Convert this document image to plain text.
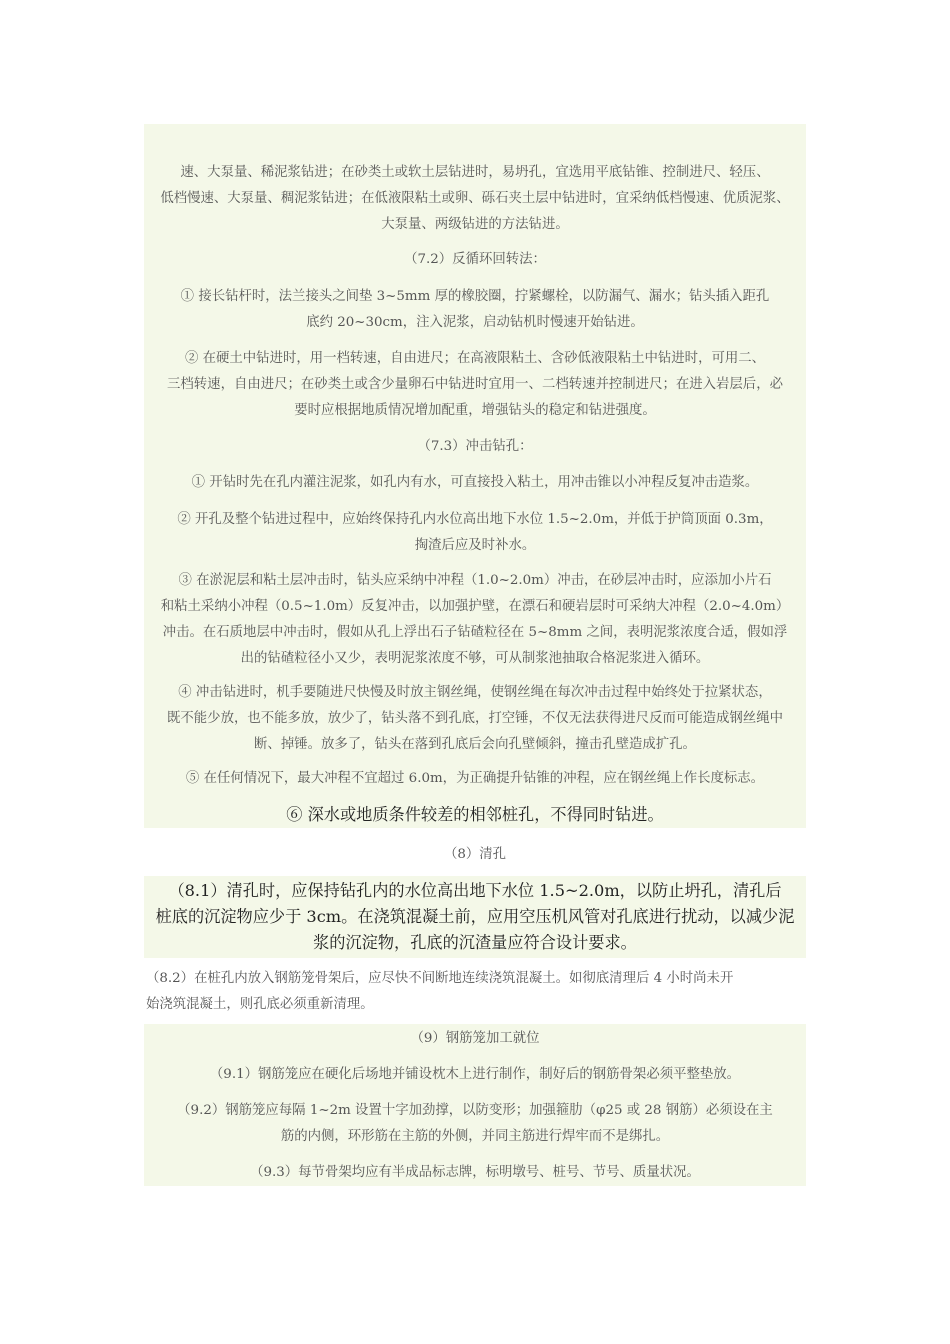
速、大泵量、稀泥浆钻进；在砂类土或软土层钻进时，易坍孔，宜选用平底钻锥、控制进尺、轻压、
低档慢速、大泵量、稠泥浆钻进；在低液限粘土或卵、砾石夹土层中钻进时，宜采纳低档慢速、优质泥浆、
大泵量、两级钻进的方法钻进。

（7.2）反循环回转法：

① 接长钻杆时，法兰接头之间垫 3~5mm 厚的橡胶圈，拧紧螺栓，以防漏气、漏水；钻头插入距孔
底约 20~30cm，注入泥浆，启动钻机时慢速开始钻进。

② 在硬土中钻进时，用一档转速，自由进尺；在高液限粘土、含砂低液限粘土中钻进时，可用二、
三档转速，自由进尺；在砂类土或含少量卵石中钻进时宜用一、二档转速并控制进尺；在进入岩层后，必
要时应根据地质情况增加配重，增强钻头的稳定和钻进强度。

（7.3）冲击钻孔：

① 开钻时先在孔内灌注泥浆，如孔内有水，可直接投入粘土，用冲击锥以小冲程反复冲击造浆。

② 开孔及整个钻进过程中，应始终保持孔内水位高出地下水位 1.5~2.0m，并低于护筒顶面 0.3m，
掏渣后应及时补水。

③ 在淤泥层和粘土层冲击时，钻头应采纳中冲程（1.0~2.0m）冲击，在砂层冲击时，应添加小片石
和粘土采纳小冲程（0.5~1.0m）反复冲击，以加强护壁，在漂石和硬岩层时可采纳大冲程（2.0~4.0m）
冲击。在石质地层中冲击时，假如从孔上浮出石子钻碴粒径在 5~8mm 之间，表明泥浆浓度合适，假如浮
出的钻碴粒径小又少，表明泥浆浓度不够，可从制浆池抽取合格泥浆进入循环。

④ 冲击钻进时，机手要随进尺快慢及时放主钢丝绳，使钢丝绳在每次冲击过程中始终处于拉紧状态，
既不能少放，也不能多放，放少了，钻头落不到孔底，打空锤，不仅无法获得进尺反而可能造成钢丝绳中
断、掉锤。放多了，钻头在落到孔底后会向孔壁倾斜，撞击孔壁造成扩孔。

⑤ 在任何情况下，最大冲程不宜超过 6.0m，为正确提升钻锥的冲程，应在钢丝绳上作长度标志。

⑥ 深水或地质条件较差的相邻桩孔，不得同时钻进。

（8）清孔

（8.1）清孔时，应保持钻孔内的水位高出地下水位 1.5~2.0m，以防止坍孔，清孔后
桩底的沉淀物应少于 3cm。在浇筑混凝土前，应用空压机风管对孔底进行扰动，以减少泥
浆的沉淀物，孔底的沉渣量应符合设计要求。

（8.2）在桩孔内放入钢筋笼骨架后，应尽快不间断地连续浇筑混凝土。如彻底清理后 4 小时尚未开
始浇筑混凝土，则孔底必须重新清理。

（9）钢筋笼加工就位

（9.1）钢筋笼应在硬化后场地并铺设枕木上进行制作，制好后的钢筋骨架必须平整垫放。

（9.2）钢筋笼应每隔 1~2m 设置十字加劲撑，以防变形；加强箍肋（φ25 或 28 钢筋）必须设在主
筋的内侧，环形筋在主筋的外侧，并同主筋进行焊牢而不是绑扎。

（9.3）每节骨架均应有半成品标志牌，标明墩号、桩号、节号、质量状况。
